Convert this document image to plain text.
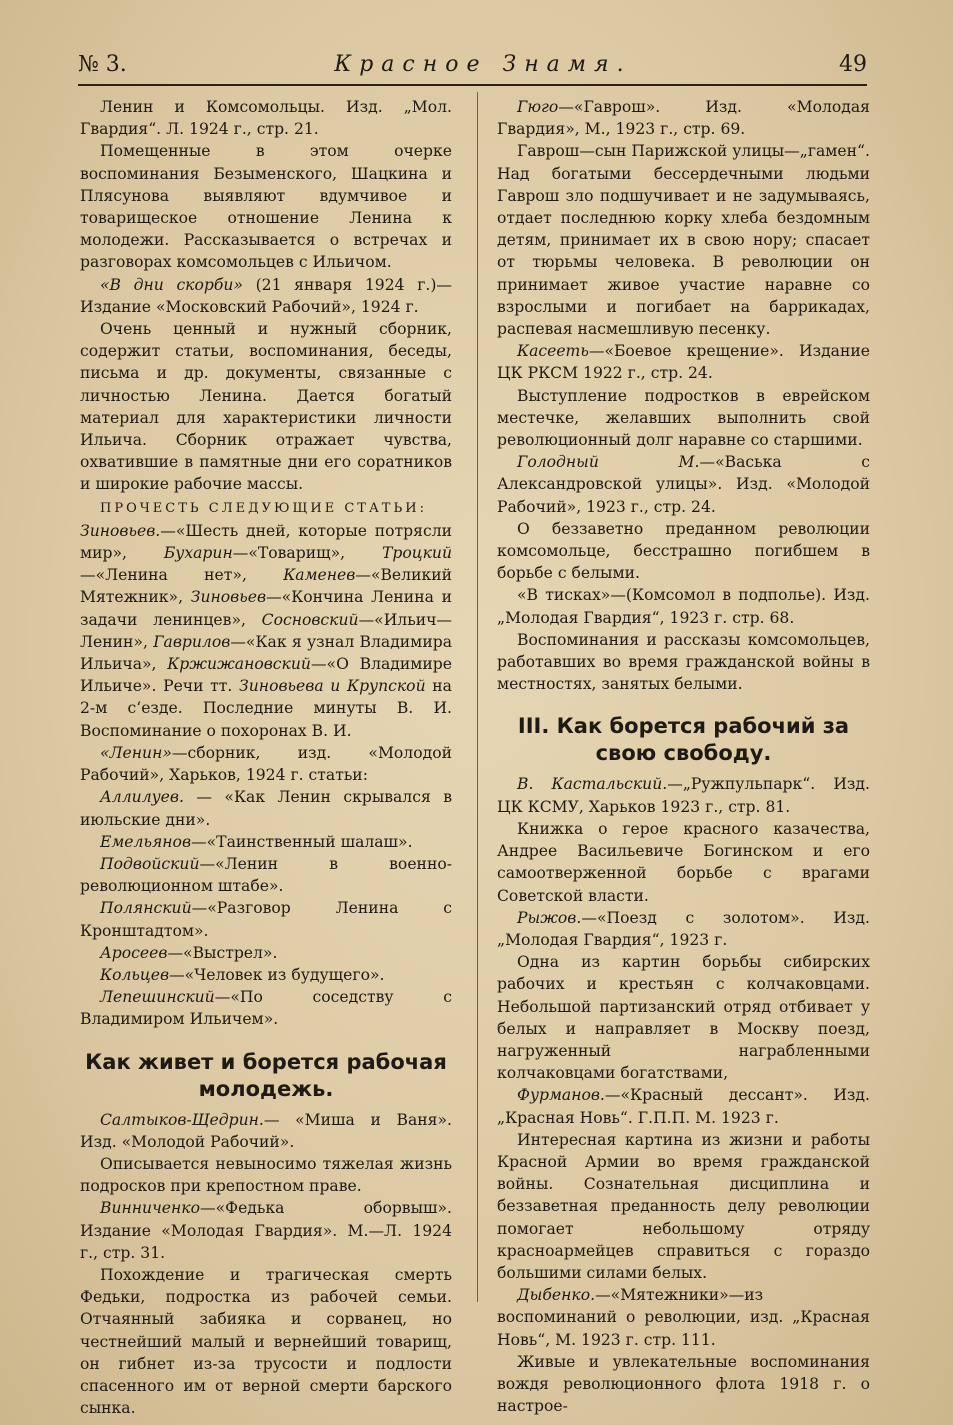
№ 3.	Красное Знамя.	49

Ленин и Комсомольцы. Изд. „Мол. Гвардия“. Л. 1924 г., стр. 21.

Помещенные в этом очерке воспоминания Безыменского, Шацкина и Плясунова выявляют вдумчивое и товарищеское отношение Ленина к молодежи. Рассказывается о встречах и разговорах комсомольцев с Ильичом.

«В дни скорби» (21 января 1924 г.)—Издание «Московский Рабочий», 1924 г.

Очень ценный и нужный сборник, содержит статьи, воспоминания, беседы, письма и др. документы, связанные с личностью Ленина. Дается богатый материал для характеристики личности Ильича. Сборник отражает чувства, охватившие в памятные дни его соратников и широкие рабочие массы.

ПРОЧЕСТЬ СЛЕДУЮЩИЕ СТАТЬИ:
Зиновьев.—«Шесть дней, которые потрясли мир», Бухарин—«Товарищ», Троцкий—«Ленина нет», Каменев—«Великий Мятежник», Зиновьев—«Кончина Ленина и задачи ленинцев», Сосновский—«Ильич—Ленин», Гаврилов—«Как я узнал Владимира Ильича», Кржижановский—«О Владимире Ильиче». Речи тт. Зиновьева и Крупской на 2-м с‘езде. Последние минуты В. И. Воспоминание о похоронах В. И.

«Ленин»—сборник, изд. «Молодой Рабочий», Харьков, 1924 г. статьи:

Аллилуев. — «Как Ленин скрывался в июльские дни».

Емельянов—«Таинственный шалаш».

Подвойский—«Ленин в военно-революционном штабе».

Полянский—«Разговор Ленина с Кронштадтом».

Аросеев—«Выстрел».

Кольцев—«Человек из будущего».

Лепешинский—«По соседству с Владимиром Ильичем».

Как живет и борется рабочая молодежь.

Салтыков-Щедрин.— «Миша и Ваня». Изд. «Молодой Рабочий».

Описывается невыносимо тяжелая жизнь подросков при крепостном праве.

Винниченко—«Федька оборвыш». Издание «Молодая Гвардия». М.—Л. 1924 г., стр. 31.

Похождение и трагическая смерть Федьки, подростка из рабочей семьи. Отчаянный забияка и сорванец, но честнейший малый и вернейший товарищ, он гибнет из-за трусости и подлости спасенного им от верной смерти барского сынка.

Гюго—«Гаврош». Изд. «Молодая Гвардия», М., 1923 г., стр. 69.

Гаврош—сын Парижской улицы—„гамен“. Над богатыми бессердечными людьми Гаврош зло подшучивает и не задумываясь, отдает последнюю корку хлеба бездомным детям, принимает их в свою нору; спасает от тюрьмы человека. В революции он принимает живое участие наравне со взрослыми и погибает на баррикадах, распевая насмешливую песенку.

Касееть—«Боевое крещение». Издание ЦК РКСМ 1922 г., стр. 24.

Выступление подростков в еврейском местечке, желавших выполнить свой революционный долг наравне со старшими.

Голодный М.—«Васька с Александровской улицы». Изд. «Молодой Рабочий», 1923 г., стр. 24.

О беззаветно преданном революции комсомольце, бесстрашно погибшем в борьбе с белыми.

«В тисках»—(Комсомол в подполье). Изд. „Молодая Гвардия“, 1923 г. стр. 68.

Воспоминания и рассказы комсомольцев, работавших во время гражданской войны в местностях, занятых белыми.

III. Как борется рабочий за свою свободу.

В. Кастальский.—„Ружпульпарк“. Изд. ЦК КСМУ, Харьков 1923 г., стр. 81.

Книжка о герое красного казачества, Андрее Васильевиче Богинском и его самоотверженной борьбе с врагами Советской власти.

Рыжов.—«Поезд с золотом». Изд. „Молодая Гвардия“, 1923 г.

Одна из картин борьбы сибирских рабочих и крестьян с колчаковцами. Небольшой партизанский отряд отбивает у белых и направляет в Москву поезд, нагруженный награбленными колчаковцами богатствами,

Фурманов.—«Красный дессант». Изд. „Красная Новь“. Г.П.П. М. 1923 г.

Интересная картина из жизни и работы Красной Армии во время гражданской войны. Сознательная дисциплина и беззаветная преданность делу революции помогает небольшому отряду красноармейцев справиться с гораздо большими силами белых.

Дыбенко.—«Мятежники»—из воспоминаний о революции, изд. „Красная Новь“, М. 1923 г. стр. 111.

Живые и увлекательные воспоминания вождя революционного флота 1918 г. о настрое-
